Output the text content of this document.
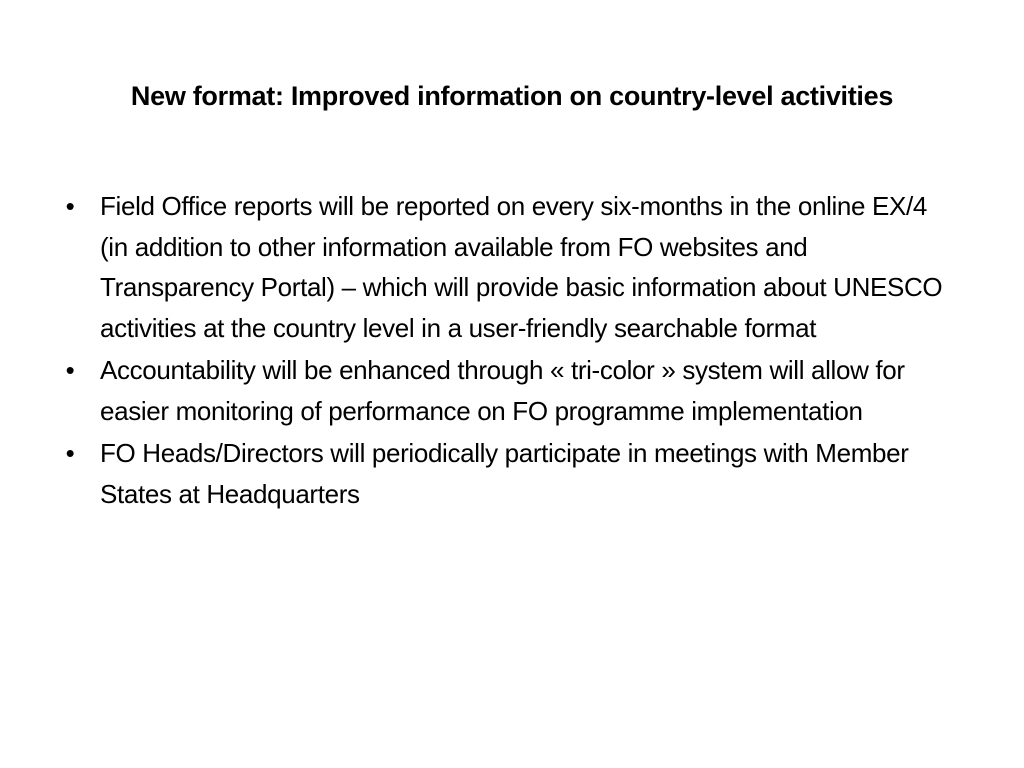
New format: Improved information on country-level activities
• Field Office reports will be reported on every six-months in the online EX/4 (in addition to other information available from FO websites and Transparency Portal) – which will provide basic information about UNESCO activities at the country level in a user-friendly searchable format
• Accountability will be enhanced through « tri-color » system will allow for easier monitoring of performance on FO programme implementation
• FO Heads/Directors will periodically participate in meetings with Member States at Headquarters
